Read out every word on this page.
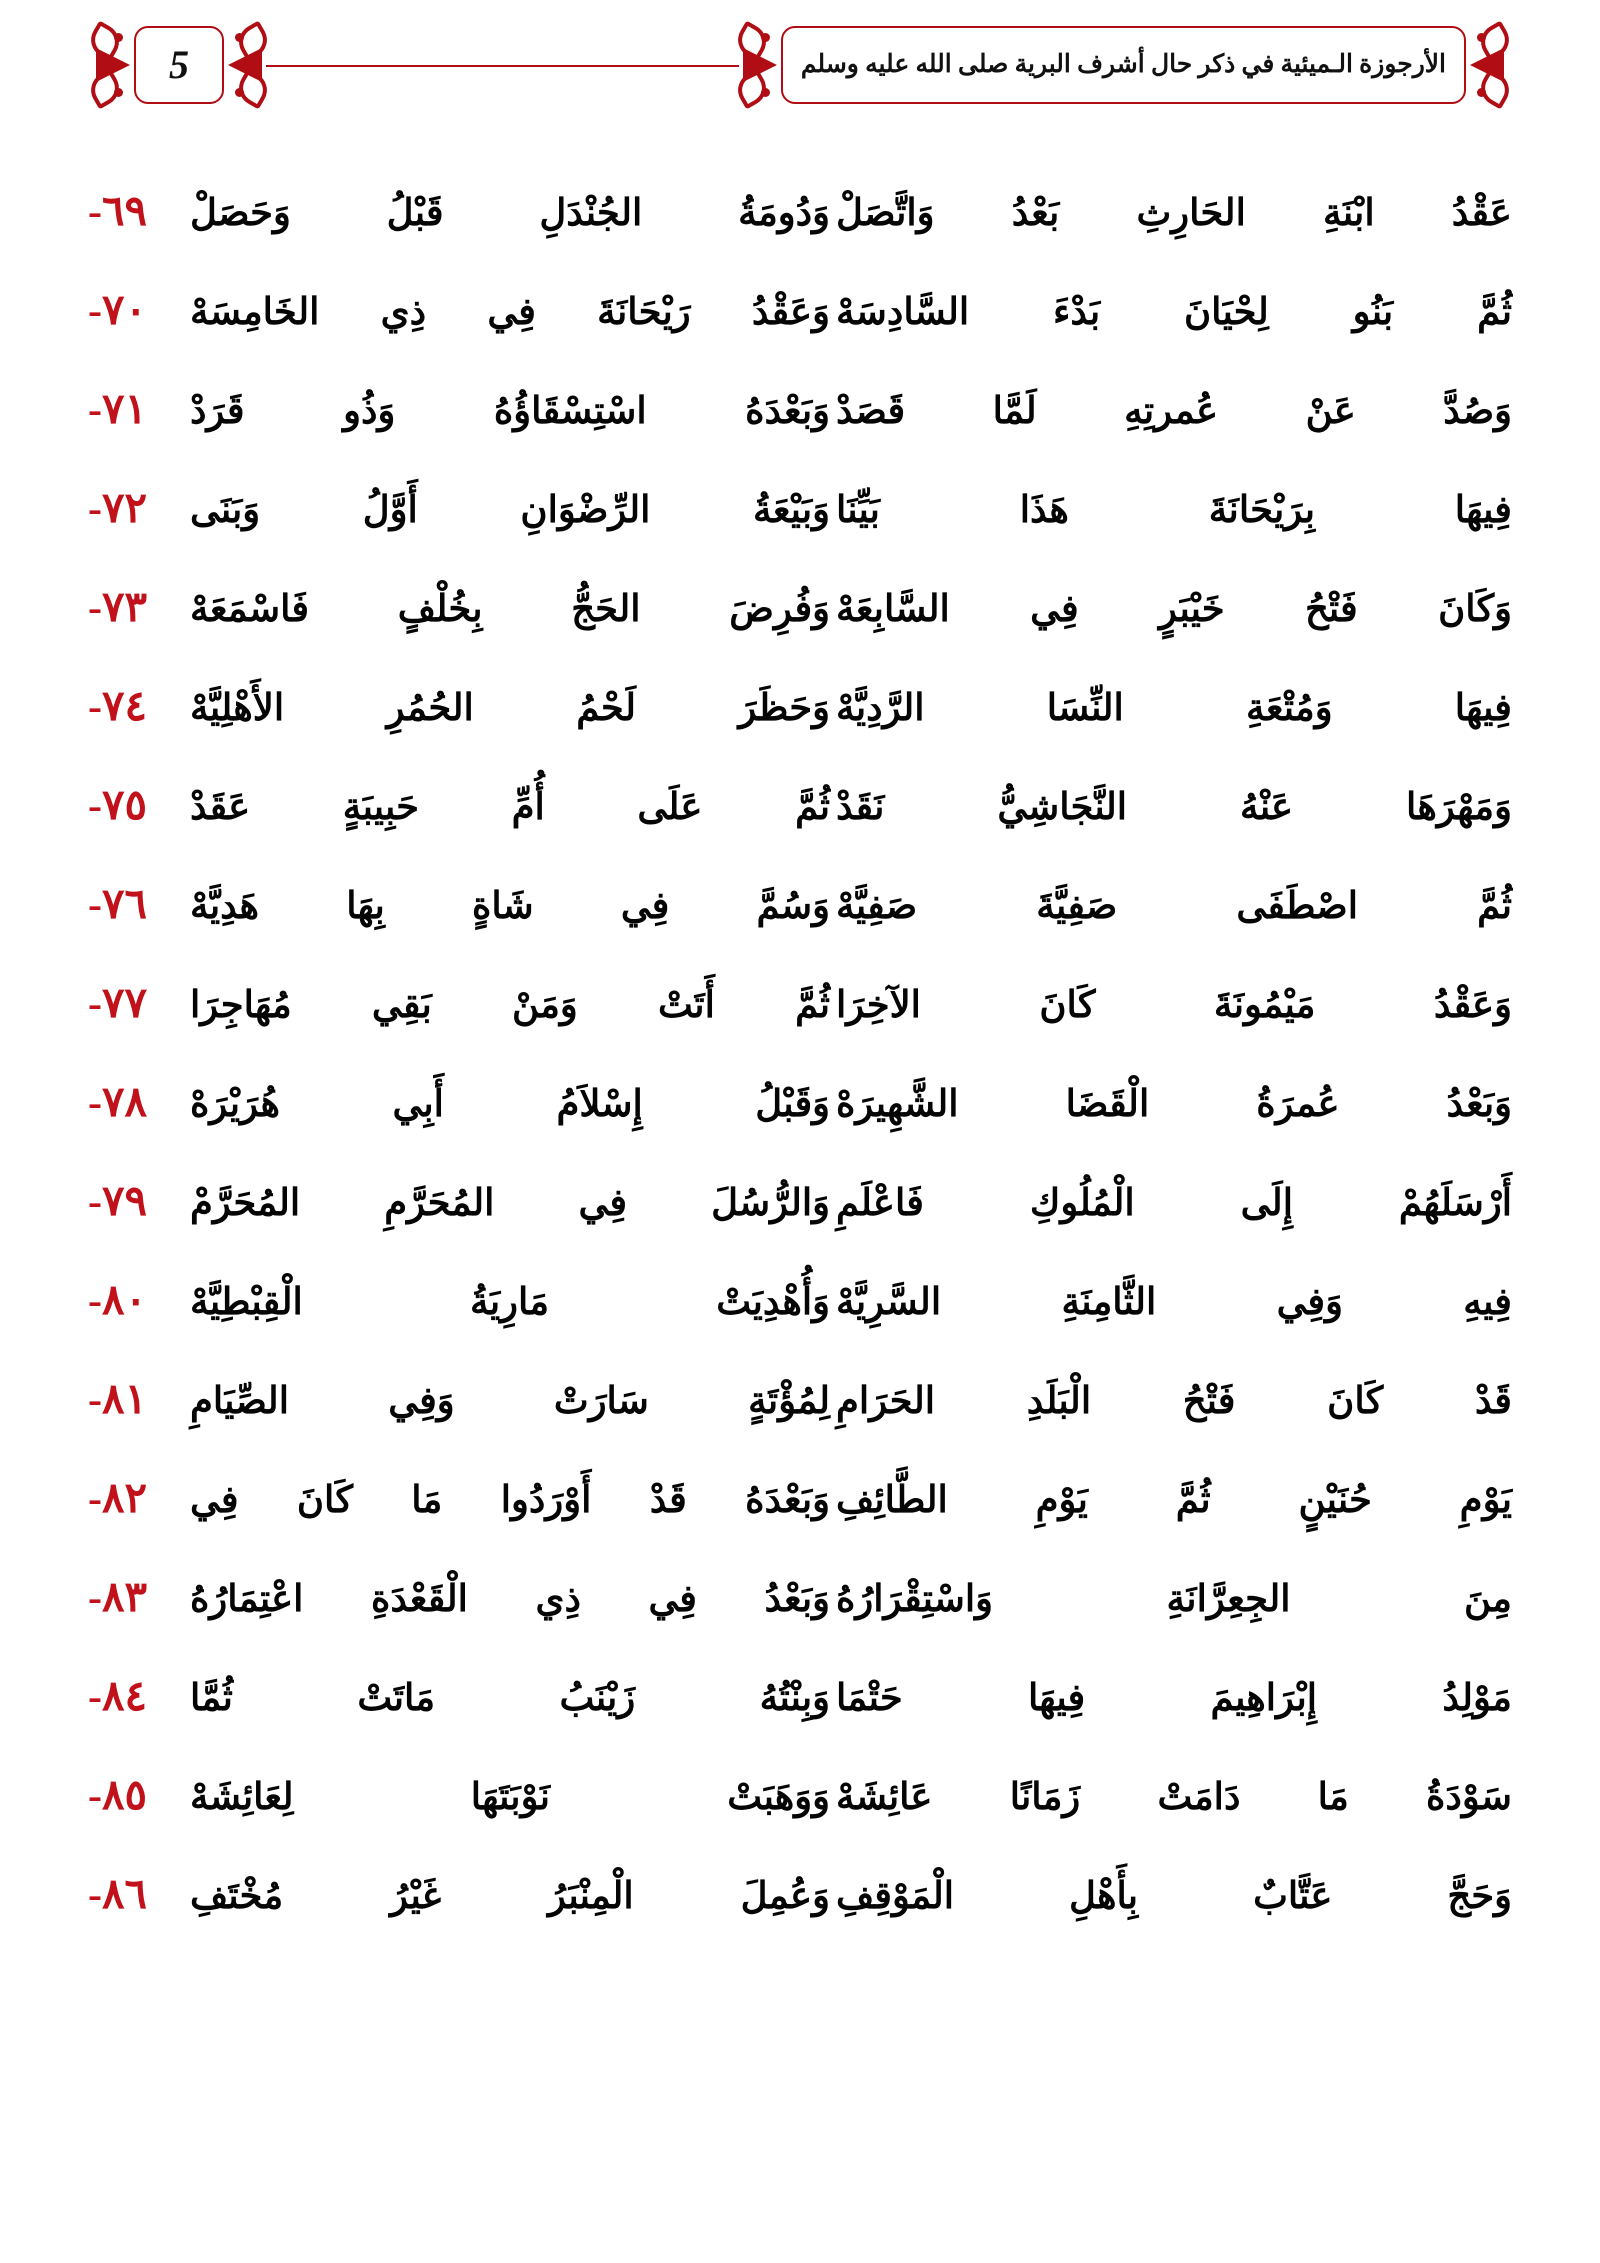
5	الأرجوزة الـميئية في ذكر حال أشرف البرية صلى الله عليه وسلم
عَقْدُ ابْنَةِ الحَارِثِ بَعْدُ وَاتَّصَلْ
وَدُومَةُ الجُنْدَلِ قَبْلُ وَحَصَلْ
٦٩-
ثُمَّ بَنُو لِحْيَانَ بَدْءَ السَّادِسَهْ
وَعَقْدُ رَيْحَانَةَ فِي ذِي الخَامِسَهْ
٧٠-
وَصُدَّ عَنْ عُمرتِهِ لَمَّا قَصَدْ
وَبَعْدَهُ اسْتِسْقَاؤُهُ وَذُو قَرَدْ
٧١-
فِيهَا بِرَيْحَانَةَ هَذَا بَيِّنَا
وَبَيْعَةُ الرِّضْوَانِ أَوَّلُ وَبَنَى
٧٢-
وَكَانَ فَتْحُ خَيْبَرٍ فِي السَّابِعَهْ
وَفُرِضَ الحَجُّ بِخُلْفٍ فَاسْمَعَهْ
٧٣-
فِيهَا وَمُتْعَةِ النِّسَا الرَّدِيَّهْ
وَحَظَرَ لَحْمُ الحُمُرِ الأَهْلِيَّهْ
٧٤-
وَمَهْرَهَا عَنْهُ النَّجَاشِيُّ نَقَدْ
ثُمَّ عَلَى أُمِّ حَبِيبَةٍ عَقَدْ
٧٥-
ثُمَّ اصْطَفَى صَفِيَّةَ صَفِيَّهْ
وَسُمَّ فِي شَاةٍ بِهَا هَدِيَّهْ
٧٦-
وَعَقْدُ مَيْمُونَةَ كَانَ الآخِرَا
ثُمَّ أَتَتْ وَمَنْ بَقِي مُهَاجِرَا
٧٧-
وَبَعْدُ عُمرَةُ الْقَضَا الشَّهِيرَهْ
وَقَبْلُ إِسْلاَمُ أَبِي هُرَيْرَهْ
٧٨-
أَرْسَلَهُمْ إِلَى الْمُلُوكِ فَاعْلَمِ
وَالرُّسُلَ فِي المُحَرَّمِ المُحَرَّمْ
٧٩-
فِيهِ وَفِي الثَّامِنَةِ السَّرِيَّهْ
وَأُهْدِيَتْ مَارِيَةُ الْقِبْطِيَّهْ
٨٠-
قَدْ كَانَ فَتْحُ الْبَلَدِ الحَرَامِ
لِمُؤْتَةٍ سَارَتْ وَفِي الصِّيَامِ
٨١-
يَوْمِ حُنَيْنٍ ثُمَّ يَوْمِ الطَّائِفِ
وَبَعْدَهُ قَدْ أَوْرَدُوا مَا كَانَ فِي
٨٢-
مِنَ الجِعِرَّانَةِ وَاسْتِقْرَارُهُ
وَبَعْدُ فِي ذِي الْقَعْدَةِ اعْتِمَارُهُ
٨٣-
مَوْلِدُ إِبْرَاهِيمَ فِيهَا حَتْمَا
وَبِنْتُهُ زَيْنَبُ مَاتَتْ ثُمَّا
٨٤-
سَوْدَةُ مَا دَامَتْ زَمَانًا عَائِشَهْ
وَوَهَبَتْ نَوْبَتَهَا لِعَائِشَهْ
٨٥-
وَحَجَّ عَتَّابٌ بِأَهْلِ الْمَوْقِفِ
وَعُمِلَ الْمِنْبَرُ غَيْرُ مُخْتَفِ
٨٦-
